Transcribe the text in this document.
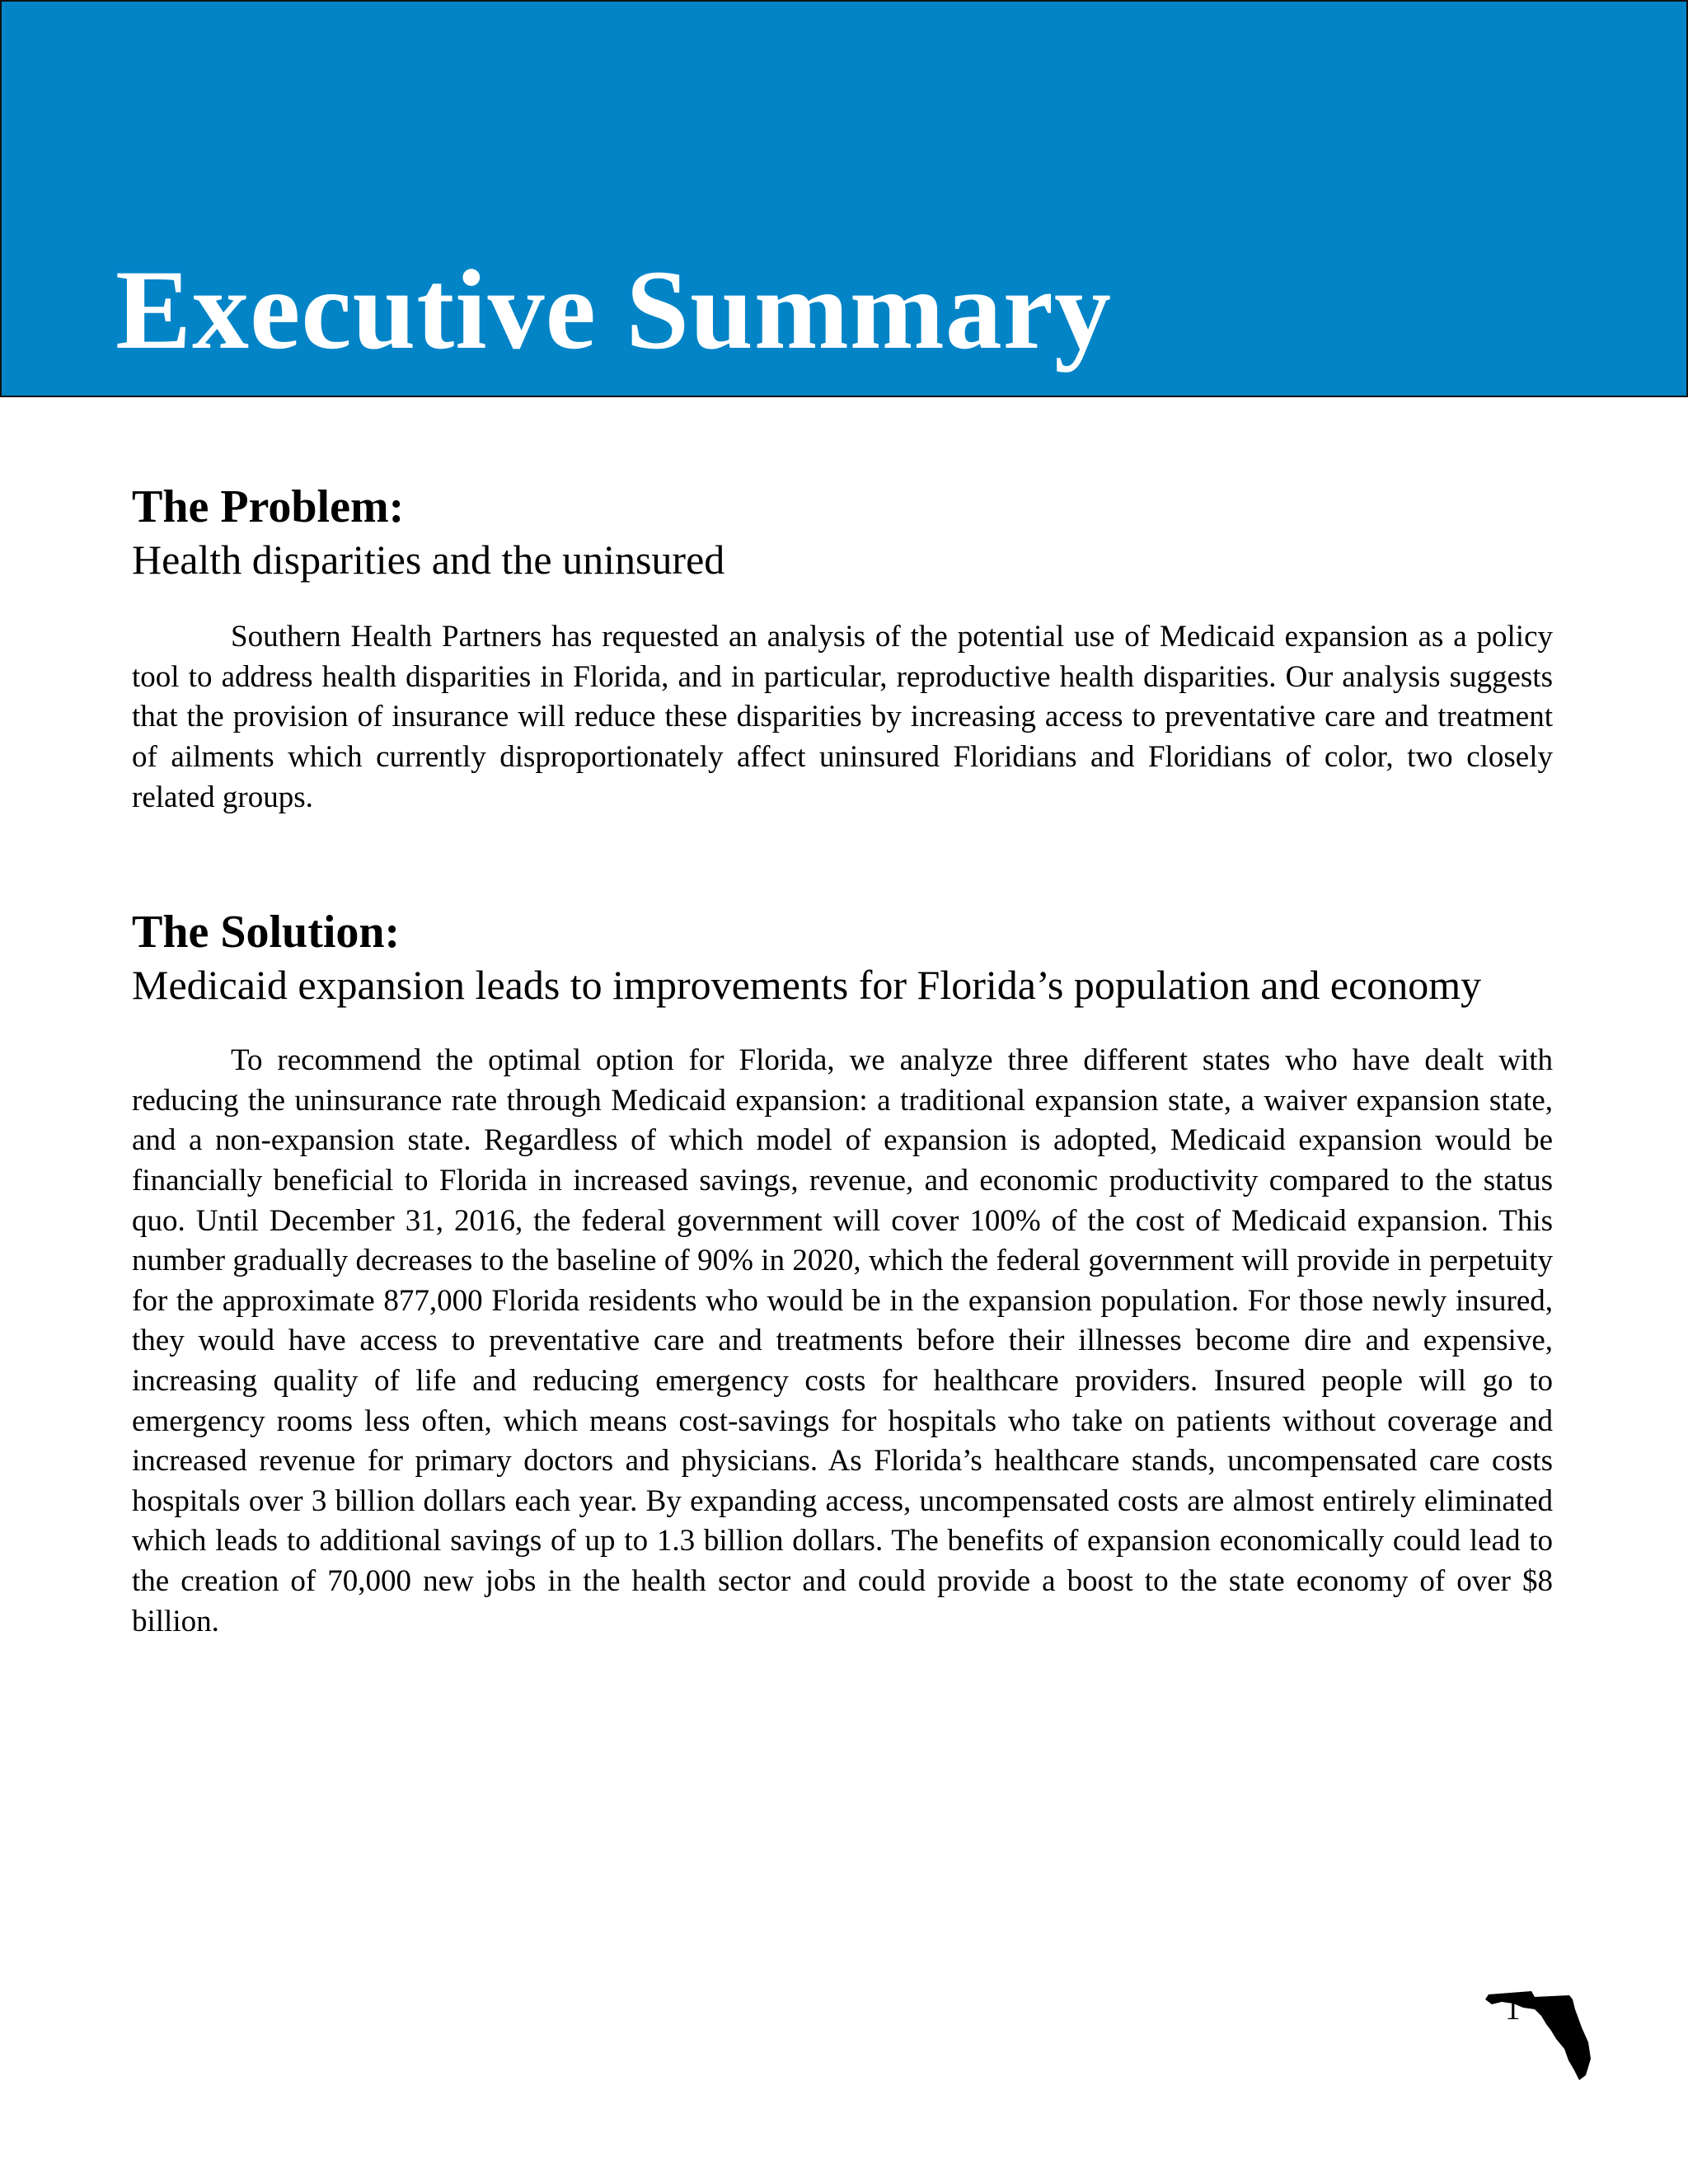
Executive Summary
The Problem:
Health disparities and the uninsured

Southern Health Partners has requested an analysis of the potential use of Medicaid expansion as a policy tool to address health disparities in Florida, and in particular, reproductive health disparities. Our analysis suggests that the provision of insurance will reduce these disparities by increasing access to preventative care and treatment of ailments which currently disproportionately affect uninsured Floridians and Floridians of color, two closely related groups.

The Solution:
Medicaid expansion leads to improvements for Florida’s population and economy

To recommend the optimal option for Florida, we analyze three different states who have dealt with reducing the uninsurance rate through Medicaid expansion: a traditional expansion state, a waiver expansion state, and a non-expansion state. Regardless of which model of expansion is adopted, Medicaid expansion would be financially beneficial to Florida in increased savings, revenue, and economic productivity compared to the status quo. Until December 31, 2016, the federal government will cover 100% of the cost of Medicaid expansion. This number gradually decreases to the baseline of 90% in 2020, which the federal government will provide in perpetuity for the approximate 877,000 Florida residents who would be in the expansion population. For those newly insured, they would have access to preventative care and treatments before their illnesses become dire and expensive, increasing quality of life and reducing emergency costs for healthcare providers. Insured people will go to emergency rooms less often, which means cost-savings for hospitals who take on patients without coverage and increased revenue for primary doctors and physicians. As Florida’s healthcare stands, uncompensated care costs hospitals over 3 billion dollars each year. By expanding access, uncompensated costs are almost entirely eliminated which leads to additional savings of up to 1.3 billion dollars. The benefits of expansion economically could lead to the creation of 70,000 new jobs in the health sector and could provide a boost to the state economy of over $8 billion.

1
